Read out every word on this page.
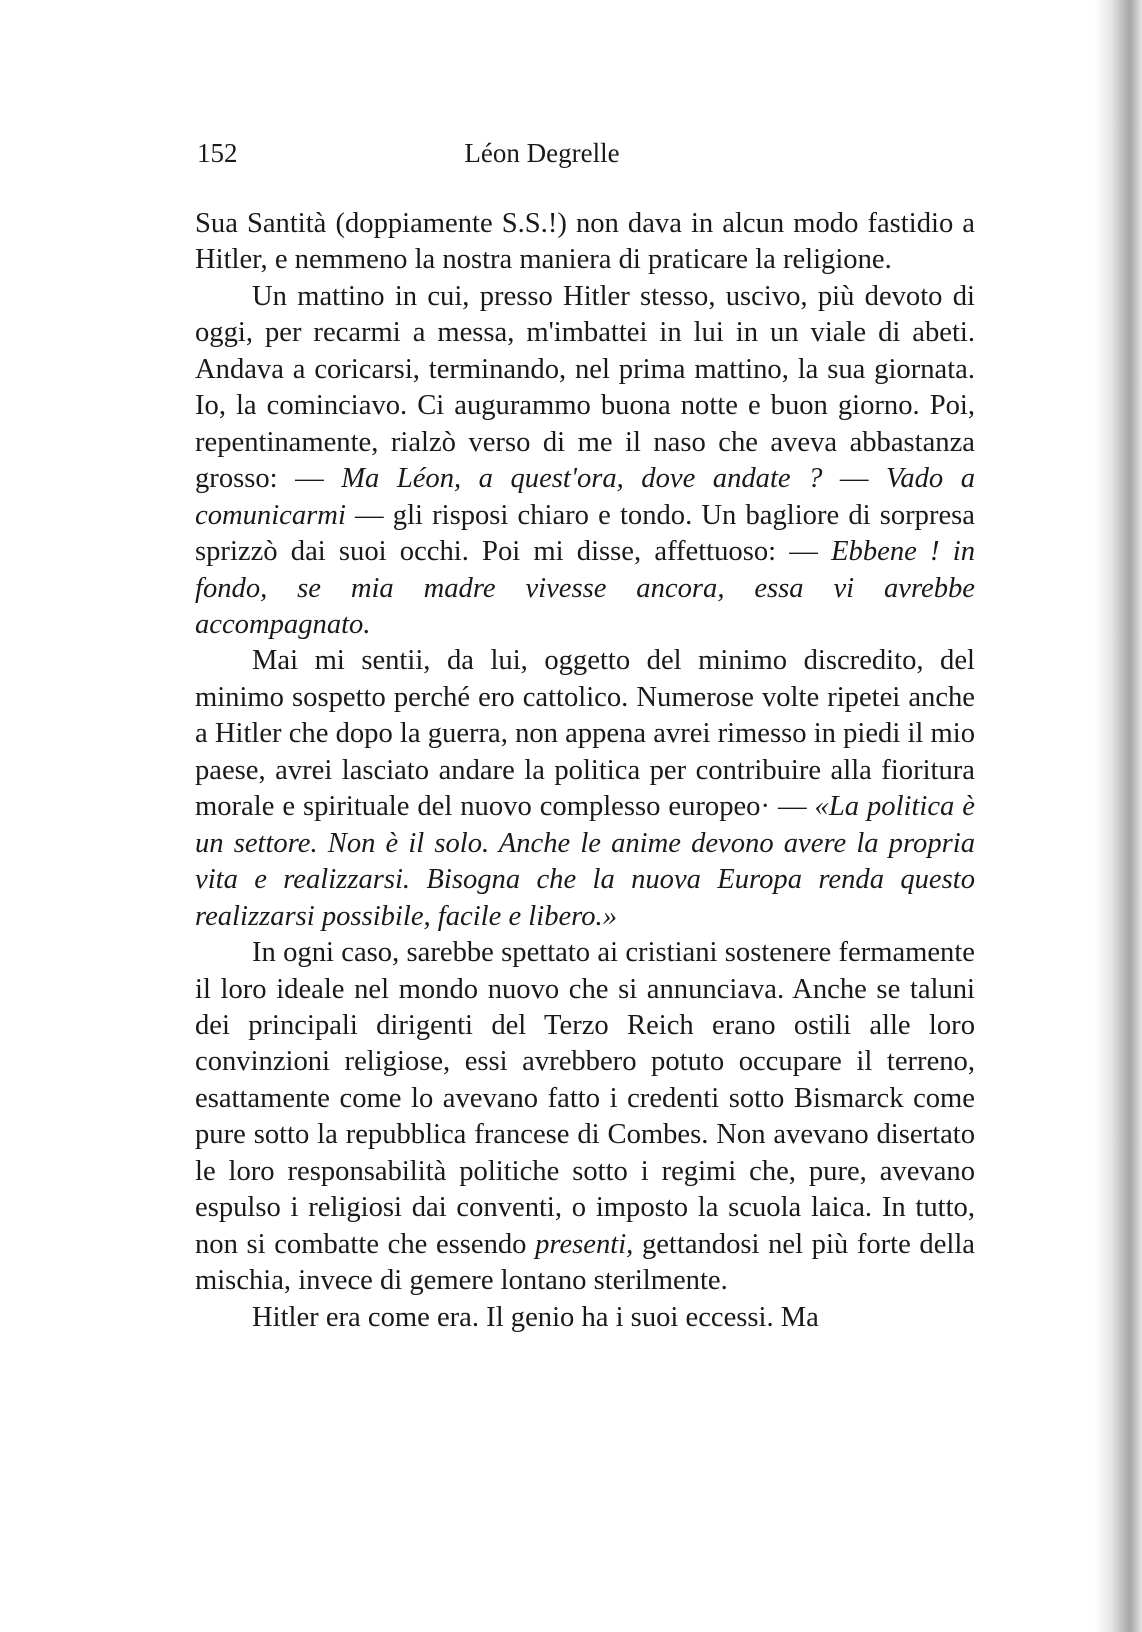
152	Léon Degrelle

Sua Santità (doppiamente S.S.!) non dava in alcun modo fastidio a Hitler, e nemmeno la nostra maniera di praticare la religione.

Un mattino in cui, presso Hitler stesso, uscivo, più devoto di oggi, per recarmi a messa, m'imbattei in lui in un viale di abeti. Andava a coricarsi, terminando, nel prima mattino, la sua giornata. Io, la cominciavo. Ci augurammo buona notte e buon giorno. Poi, repentinamente, rialzò verso di me il naso che aveva abbastanza grosso: — Ma Léon, a quest'ora, dove andate ? — Vado a comunicarmi — gli risposi chiaro e tondo. Un bagliore di sorpresa sprizzò dai suoi occhi. Poi mi disse, affettuoso: — Ebbene ! in fondo, se mia madre vivesse ancora, essa vi avrebbe accompagnato.

Mai mi sentii, da lui, oggetto del minimo discredito, del minimo sospetto perché ero cattolico. Numerose volte ripetei anche a Hitler che dopo la guerra, non appena avrei rimesso in piedi il mio paese, avrei lasciato andare la politica per contribuire alla fioritura morale e spirituale del nuovo complesso europeo· — «La politica è un settore. Non è il solo. Anche le anime devono avere la propria vita e realizzarsi. Bisogna che la nuova Europa renda questo realizzarsi possibile, facile e libero.»

In ogni caso, sarebbe spettato ai cristiani sostenere fermamente il loro ideale nel mondo nuovo che si annunciava. Anche se taluni dei principali dirigenti del Terzo Reich erano ostili alle loro convinzioni religiose, essi avrebbero potuto occupare il terreno, esattamente come lo avevano fatto i credenti sotto Bismarck come pure sotto la repubblica francese di Combes. Non avevano disertato le loro responsabilità politiche sotto i regimi che, pure, avevano espulso i religiosi dai conventi, o imposto la scuola laica. In tutto, non si combatte che essendo presenti, gettandosi nel più forte della mischia, invece di gemere lontano sterilmente.

Hitler era come era. Il genio ha i suoi eccessi. Ma
